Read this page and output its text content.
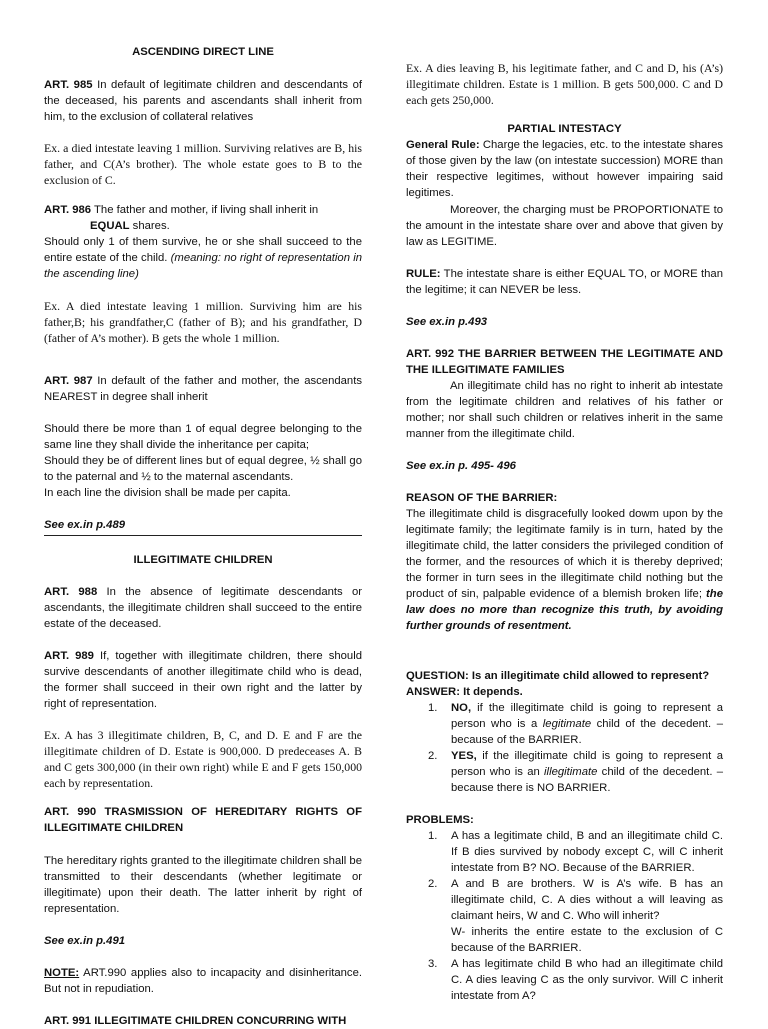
ASCENDING DIRECT LINE

ART. 985 In default of legitimate children and descendants of the deceased, his parents and ascendants shall inherit from him, to the exclusion of collateral relatives

Ex. a died intestate leaving 1 million. Surviving relatives are B, his father, and C(A’s brother). The whole estate goes to B to the exclusion of C.

ART. 986 The father and mother, if living shall inherit in
EQUAL shares.
Should only 1 of them survive, he or she shall succeed to the entire estate of the child. (meaning: no right of representation in the ascending line)

Ex. A died intestate leaving 1 million. Surviving him are his father,B; his grandfather,C (father of B); and his grandfather, D (father of A’s mother). B gets the whole 1 million.

ART. 987 In default of the father and mother, the ascendants NEAREST in degree shall inherit

Should there be more than 1 of equal degree belonging to the same line they shall divide the inheritance per capita;
Should they be of different lines but of equal degree, ½ shall go to the paternal and ½ to the maternal ascendants.
In each line the division shall be made per capita.

See ex.in p.489

ILLEGITIMATE CHILDREN

ART. 988 In the absence of legitimate descendants or ascendants, the illegitimate children shall succeed to the entire estate of the deceased.

ART. 989 If, together with illegitimate children, there should survive descendants of another illegitimate child who is dead, the former shall succeed in their own right and the latter by right of representation.

Ex. A has 3 illegitimate children, B, C, and D. E and F are the illegitimate children of D. Estate is 900,000. D predeceases A. B and C gets 300,000 (in their own right) while E and F gets 150,000 each by representation.

ART. 990 TRASMISSION OF HEREDITARY RIGHTS OF ILLEGITIMATE CHILDREN

The hereditary rights granted to the illegitimate children shall be transmitted to their descendants (whether legitimate or illegitimate) upon their death. The latter inherit by right of representation.

See ex.in p.491

NOTE: ART.990 applies also to incapacity and disinheritance. But not in repudiation.

ART. 991 ILLEGITIMATE CHILDREN CONCURRING WITH

Ex. A dies leaving B, his legitimate father, and C and D, his (A’s) illegitimate children. Estate is 1 million. B gets 500,000. C and D each gets 250,000.

PARTIAL INTESTACY

General Rule: Charge the legacies, etc. to the intestate shares of those given by the law (on intestate succession) MORE than their respective legitimes, without however impairing said legitimes.

Moreover, the charging must be PROPORTIONATE to the amount in the intestate share over and above that given by law as LEGITIME.

RULE: The intestate share is either EQUAL TO, or MORE than the legitime; it can NEVER be less.

See ex.in p.493

ART. 992 THE BARRIER BETWEEN THE LEGITIMATE AND THE ILLEGITIMATE FAMILIES

An illegitimate child has no right to inherit ab intestate from the legitimate children and relatives of his father or mother; nor shall such children or relatives inherit in the same manner from the illegitimate child.

See ex.in p. 495- 496

REASON OF THE BARRIER:

The illegitimate child is disgracefully looked dowm upon by the legitimate family; the legitimate family is in turn, hated by the illegitimate child, the latter considers the privileged condition of the former, and the resources of which it is thereby deprived; the former in turn sees in the illegitimate child nothing but the product of sin, palpable evidence of a blemish broken life; the law does no more than recognize this truth, by avoiding further grounds of resentment.

QUESTION: Is an illegitimate child allowed to represent?

ANSWER: It depends.

1. NO, if the illegitimate child is going to represent a person who is a legitimate child of the decedent. – because of the BARRIER.
2. YES, if the illegitimate child is going to represent a person who is an illegitimate child of the decedent. – because there is NO BARRIER.

PROBLEMS:

1. A has a legitimate child, B and an illegitimate child C. If B dies survived by nobody except C, will C inherit intestate from B? NO. Because of the BARRIER.
2. A and B are brothers. W is A’s wife. B has an illegitimate child, C. A dies without a will leaving as claimant heirs, W and C. Who will inherit?
W- inherits the entire estate to the exclusion of C because of the BARRIER.
3. A has legitimate child B who had an illegitimate child C. A dies leaving C as the only survivor. Will C inherit intestate from A?
